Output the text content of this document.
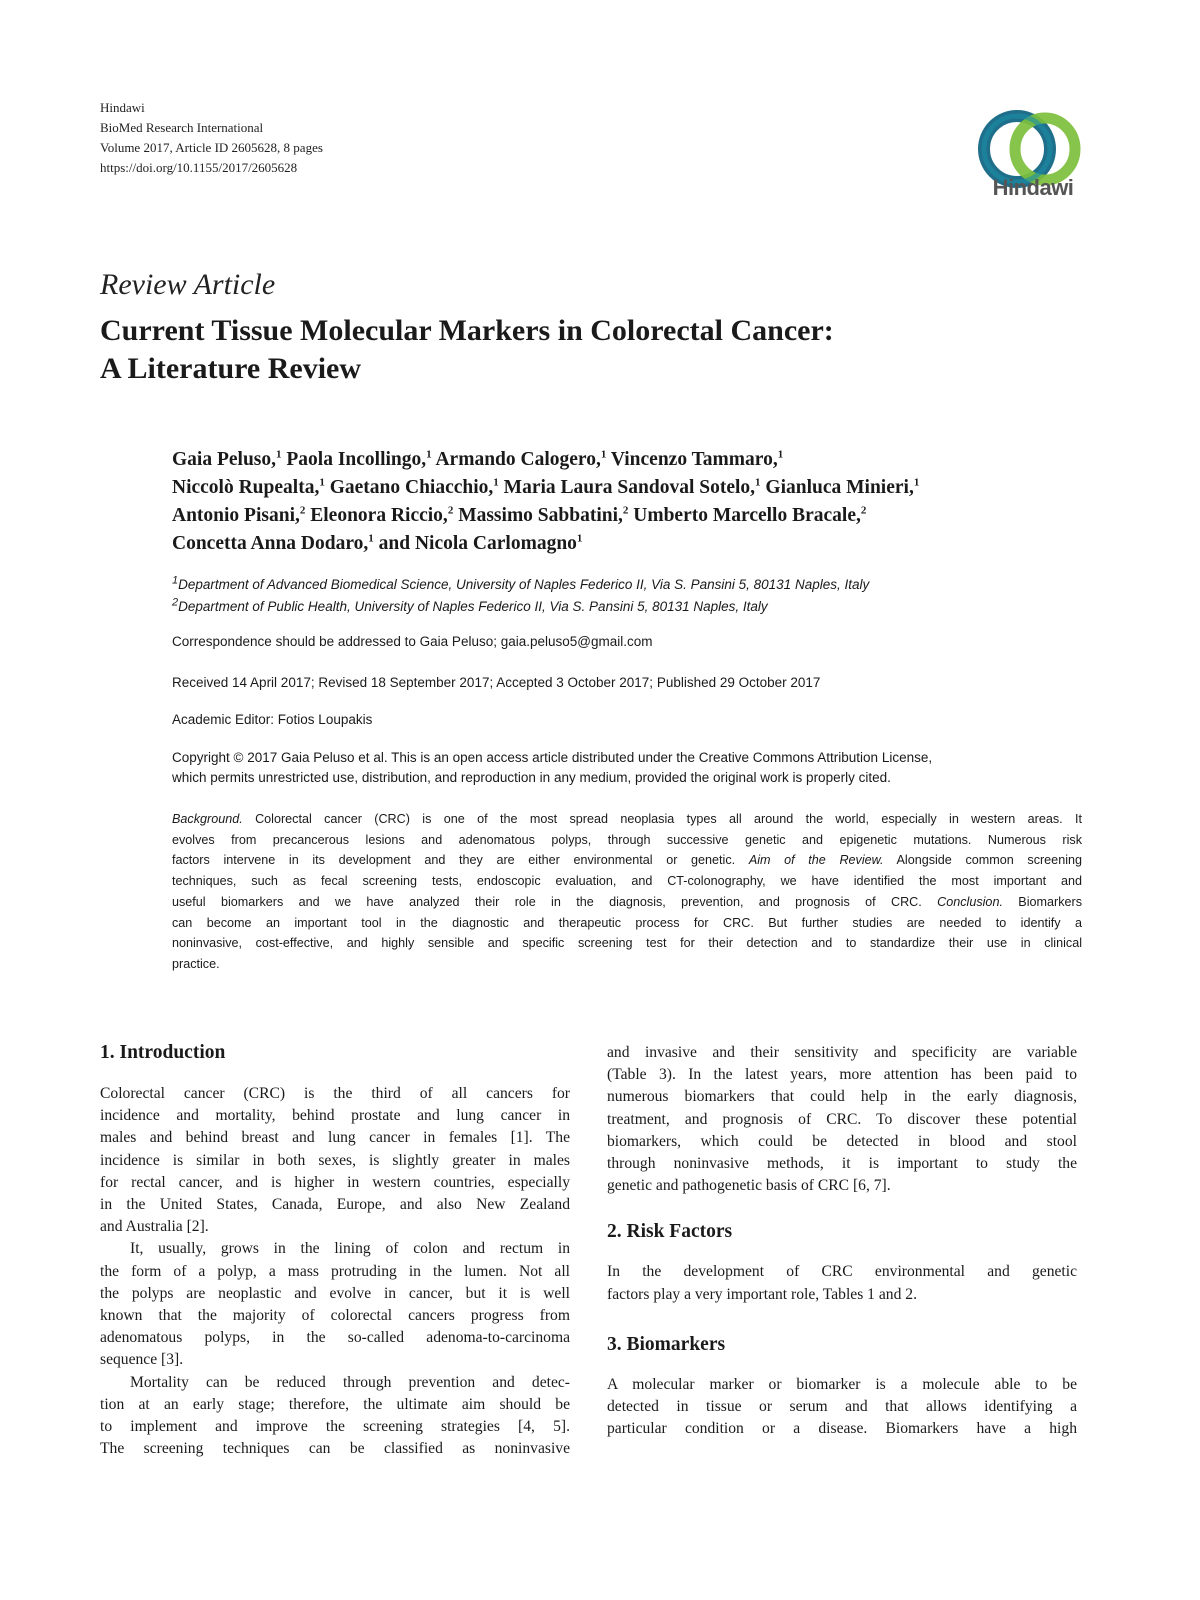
Hindawi
BioMed Research International
Volume 2017, Article ID 2605628, 8 pages
https://doi.org/10.1155/2017/2605628
Hindawi
Review Article
Current Tissue Molecular Markers in Colorectal Cancer:
A Literature Review
Gaia Peluso,$^1$ Paola Incollingo,$^1$ Armando Calogero,$^1$ Vincenzo Tammaro,$^1$
Niccolò Rupealta,$^1$ Gaetano Chiacchio,$^1$ Maria Laura Sandoval Sotelo,$^1$ Gianluca Minieri,$^1$
Antonio Pisani,$^2$ Eleonora Riccio,$^2$ Massimo Sabbatini,$^2$ Umberto Marcello Bracale,$^2$
Concetta Anna Dodaro,$^1$ and Nicola Carlomagno$^1$
$^1$Department of Advanced Biomedical Science, University of Naples Federico II, Via S. Pansini 5, 80131 Naples, Italy
$^2$Department of Public Health, University of Naples Federico II, Via S. Pansini 5, 80131 Naples, Italy
Correspondence should be addressed to Gaia Peluso; gaia.peluso5@gmail.com
Received 14 April 2017; Revised 18 September 2017; Accepted 3 October 2017; Published 29 October 2017
Academic Editor: Fotios Loupakis
Copyright © 2017 Gaia Peluso et al. This is an open access article distributed under the Creative Commons Attribution License,
which permits unrestricted use, distribution, and reproduction in any medium, provided the original work is properly cited.
Background. Colorectal cancer (CRC) is one of the most spread neoplasia types all around the world, especially in western areas. It
evolves from precancerous lesions and adenomatous polyps, through successive genetic and epigenetic mutations. Numerous risk
factors intervene in its development and they are either environmental or genetic. Aim of the Review. Alongside common screening
techniques, such as fecal screening tests, endoscopic evaluation, and CT-colonography, we have identified the most important and
useful biomarkers and we have analyzed their role in the diagnosis, prevention, and prognosis of CRC. Conclusion. Biomarkers
can become an important tool in the diagnostic and therapeutic process for CRC. But further studies are needed to identify a
noninvasive, cost-effective, and highly sensible and specific screening test for their detection and to standardize their use in clinical
practice.
1. Introduction
Colorectal cancer (CRC) is the third of all cancers for
incidence and mortality, behind prostate and lung cancer in
males and behind breast and lung cancer in females [1]. The
incidence is similar in both sexes, is slightly greater in males
for rectal cancer, and is higher in western countries, especially
in the United States, Canada, Europe, and also New Zealand
and Australia [2].
It, usually, grows in the lining of colon and rectum in
the form of a polyp, a mass protruding in the lumen. Not all
the polyps are neoplastic and evolve in cancer, but it is well
known that the majority of colorectal cancers progress from
adenomatous polyps, in the so-called adenoma-to-carcinoma
sequence [3].
Mortality can be reduced through prevention and detec-
tion at an early stage; therefore, the ultimate aim should be
to implement and improve the screening strategies [4, 5].
The screening techniques can be classified as noninvasive
and invasive and their sensitivity and specificity are variable
(Table 3). In the latest years, more attention has been paid to
numerous biomarkers that could help in the early diagnosis,
treatment, and prognosis of CRC. To discover these potential
biomarkers, which could be detected in blood and stool
through noninvasive methods, it is important to study the
genetic and pathogenetic basis of CRC [6, 7].
2. Risk Factors
In the development of CRC environmental and genetic
factors play a very important role, Tables 1 and 2.
3. Biomarkers
A molecular marker or biomarker is a molecule able to be
detected in tissue or serum and that allows identifying a
particular condition or a disease. Biomarkers have a high
